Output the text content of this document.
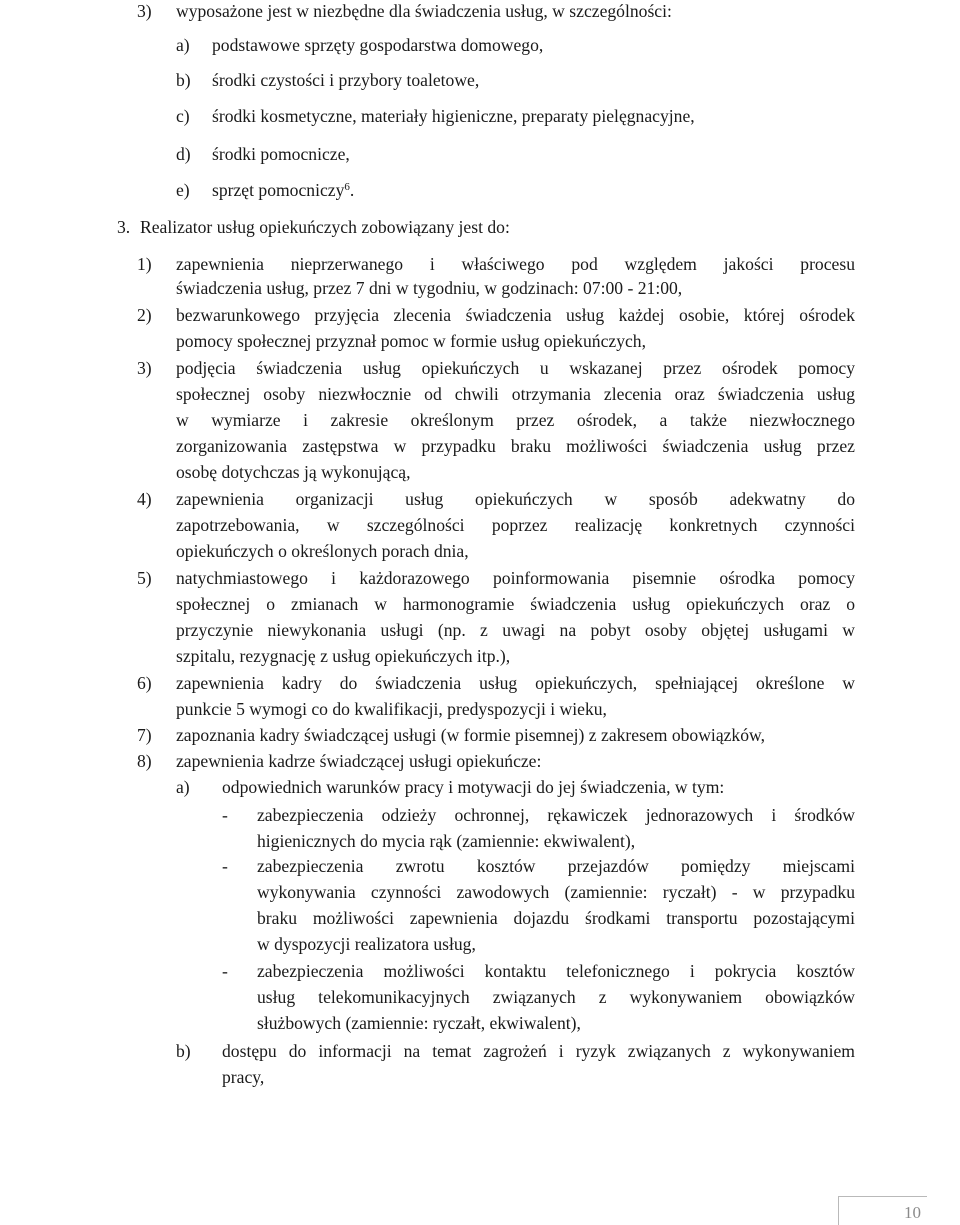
3) wyposażone jest w niezbędne dla świadczenia usług, w szczególności:
a) podstawowe sprzęty gospodarstwa domowego,
b) środki czystości i przybory toaletowe,
c) środki kosmetyczne, materiały higieniczne, preparaty pielęgnacyjne,
d) środki pomocnicze,
e) sprzęt pomocniczy$^6$.
3. Realizator usług opiekuńczych zobowiązany jest do:
1) zapewnienia nieprzerwanego i właściwego pod względem jakości procesu
świadczenia usług, przez 7 dni w tygodniu, w godzinach: 07:00 - 21:00,
2) bezwarunkowego przyjęcia zlecenia świadczenia usług każdej osobie, której ośrodek
pomocy społecznej przyznał pomoc w formie usług opiekuńczych,
3) podjęcia świadczenia usług opiekuńczych u wskazanej przez ośrodek pomocy
społecznej osoby niezwłocznie od chwili otrzymania zlecenia oraz świadczenia usług
w wymiarze i zakresie określonym przez ośrodek, a także niezwłocznego
zorganizowania zastępstwa w przypadku braku możliwości świadczenia usług przez
osobę dotychczas ją wykonującą,
4) zapewnienia organizacji usług opiekuńczych w sposób adekwatny do
zapotrzebowania, w szczególności poprzez realizację konkretnych czynności
opiekuńczych o określonych porach dnia,
5) natychmiastowego i każdorazowego poinformowania pisemnie ośrodka pomocy
społecznej o zmianach w harmonogramie świadczenia usług opiekuńczych oraz o
przyczynie niewykonania usługi (np. z uwagi na pobyt osoby objętej usługami w
szpitalu, rezygnację z usług opiekuńczych itp.),
6) zapewnienia kadry do świadczenia usług opiekuńczych, spełniającej określone w
punkcie 5 wymogi co do kwalifikacji, predyspozycji i wieku,
7) zapoznania kadry świadczącej usługi (w formie pisemnej) z zakresem obowiązków,
8) zapewnienia kadrze świadczącej usługi opiekuńcze:
a) odpowiednich warunków pracy i motywacji do jej świadczenia, w tym:
- zabezpieczenia odzieży ochronnej, rękawiczek jednorazowych i środków
higienicznych do mycia rąk (zamiennie: ekwiwalent),
- zabezpieczenia zwrotu kosztów przejazdów pomiędzy miejscami
wykonywania czynności zawodowych (zamiennie: ryczałt) - w przypadku
braku możliwości zapewnienia dojazdu środkami transportu pozostającymi
w dyspozycji realizatora usług,
- zabezpieczenia możliwości kontaktu telefonicznego i pokrycia kosztów
usług telekomunikacyjnych związanych z wykonywaniem obowiązków
służbowych (zamiennie: ryczałt, ekwiwalent),
b) dostępu do informacji na temat zagrożeń i ryzyk związanych z wykonywaniem
pracy,
10
